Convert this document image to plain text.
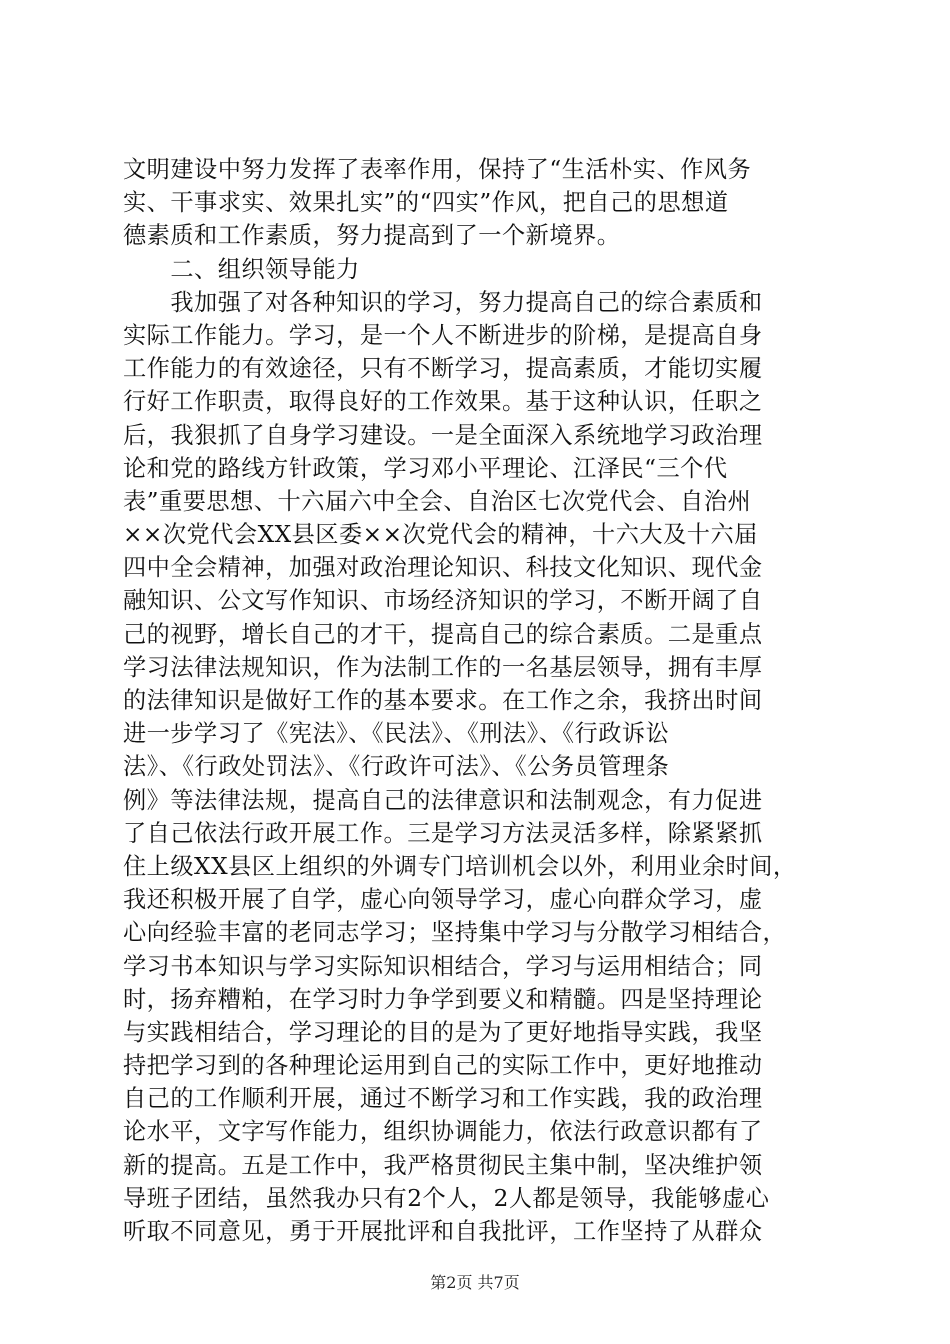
文明建设中努力发挥了表率作用，保持了“生活朴实、作风务
实、干事求实、效果扎实”的“四实”作风，把自己的思想道
德素质和工作素质，努力提高到了一个新境界。
　　二、组织领导能力
　　我加强了对各种知识的学习，努力提高自己的综合素质和
实际工作能力。学习，是一个人不断进步的阶梯，是提高自身
工作能力的有效途径，只有不断学习，提高素质，才能切实履
行好工作职责，取得良好的工作效果。基于这种认识，任职之
后，我狠抓了自身学习建设。一是全面深入系统地学习政治理
论和党的路线方针政策，学习邓小平理论、江泽民“三个代
表”重要思想、十六届六中全会、自治区七次党代会、自治州
××次党代会XX县区委××次党代会的精神，十六大及十六届
四中全会精神，加强对政治理论知识、科技文化知识、现代金
融知识、公文写作知识、市场经济知识的学习，不断开阔了自
己的视野，增长自己的才干，提高自己的综合素质。二是重点
学习法律法规知识，作为法制工作的一名基层领导，拥有丰厚
的法律知识是做好工作的基本要求。在工作之余，我挤出时间
进一步学习了《宪法》、《民法》、《刑法》、《行政诉讼
法》、《行政处罚法》、《行政许可法》、《公务员管理条
例》等法律法规，提高自己的法律意识和法制观念，有力促进
了自己依法行政开展工作。三是学习方法灵活多样，除紧紧抓
住上级XX县区上组织的外调专门培训机会以外，利用业余时间，
我还积极开展了自学，虚心向领导学习，虚心向群众学习，虚
心向经验丰富的老同志学习；坚持集中学习与分散学习相结合，
学习书本知识与学习实际知识相结合，学习与运用相结合；同
时，扬弃糟粕，在学习时力争学到要义和精髓。四是坚持理论
与实践相结合，学习理论的目的是为了更好地指导实践，我坚
持把学习到的各种理论运用到自己的实际工作中，更好地推动
自己的工作顺利开展，通过不断学习和工作实践，我的政治理
论水平，文字写作能力，组织协调能力，依法行政意识都有了
新的提高。五是工作中，我严格贯彻民主集中制，坚决维护领
导班子团结，虽然我办只有2个人，2人都是领导，我能够虚心
听取不同意见，勇于开展批评和自我批评，工作坚持了从群众
第2页 共7页
